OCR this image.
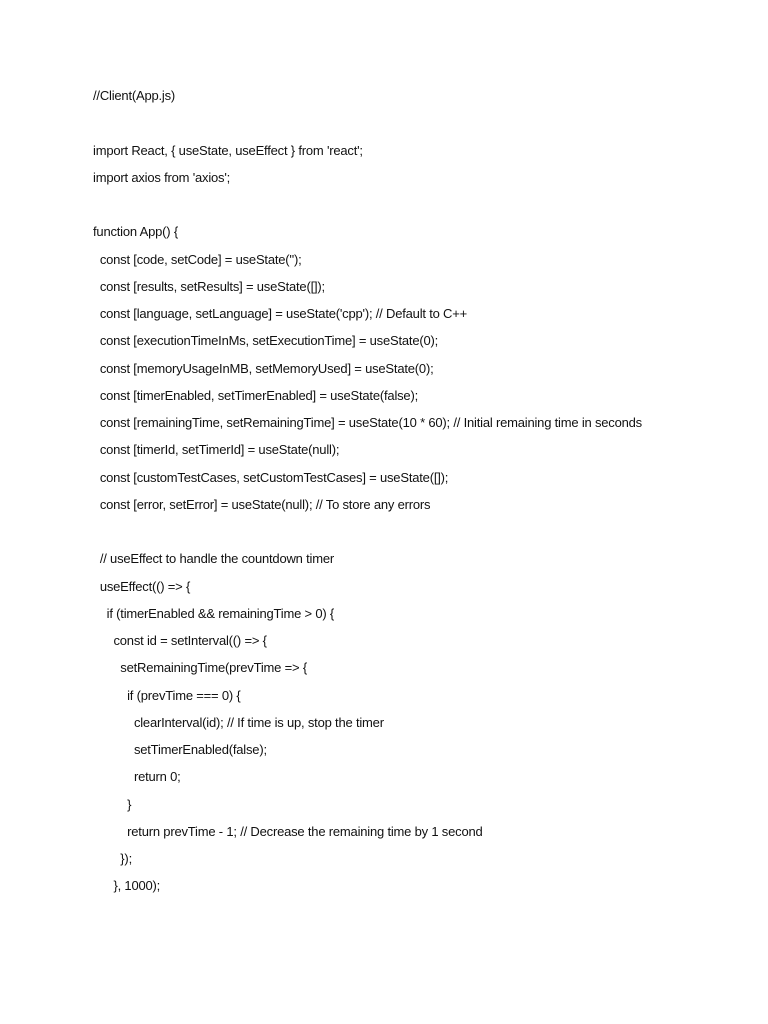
//Client(App.js)
import React, { useState, useEffect } from 'react';
import axios from 'axios';
function App() {
const [code, setCode] = useState('');
const [results, setResults] = useState([]);
const [language, setLanguage] = useState('cpp'); // Default to C++
const [executionTimeInMs, setExecutionTime] = useState(0);
const [memoryUsageInMB, setMemoryUsed] = useState(0);
const [timerEnabled, setTimerEnabled] = useState(false);
const [remainingTime, setRemainingTime] = useState(10 * 60); // Initial remaining time in seconds
const [timerId, setTimerId] = useState(null);
const [customTestCases, setCustomTestCases] = useState([]);
const [error, setError] = useState(null); // To store any errors
// useEffect to handle the countdown timer
useEffect(() => {
if (timerEnabled && remainingTime > 0) {
const id = setInterval(() => {
setRemainingTime(prevTime => {
if (prevTime === 0) {
clearInterval(id); // If time is up, stop the timer
setTimerEnabled(false);
return 0;
}
return prevTime - 1; // Decrease the remaining time by 1 second
});
}, 1000);
